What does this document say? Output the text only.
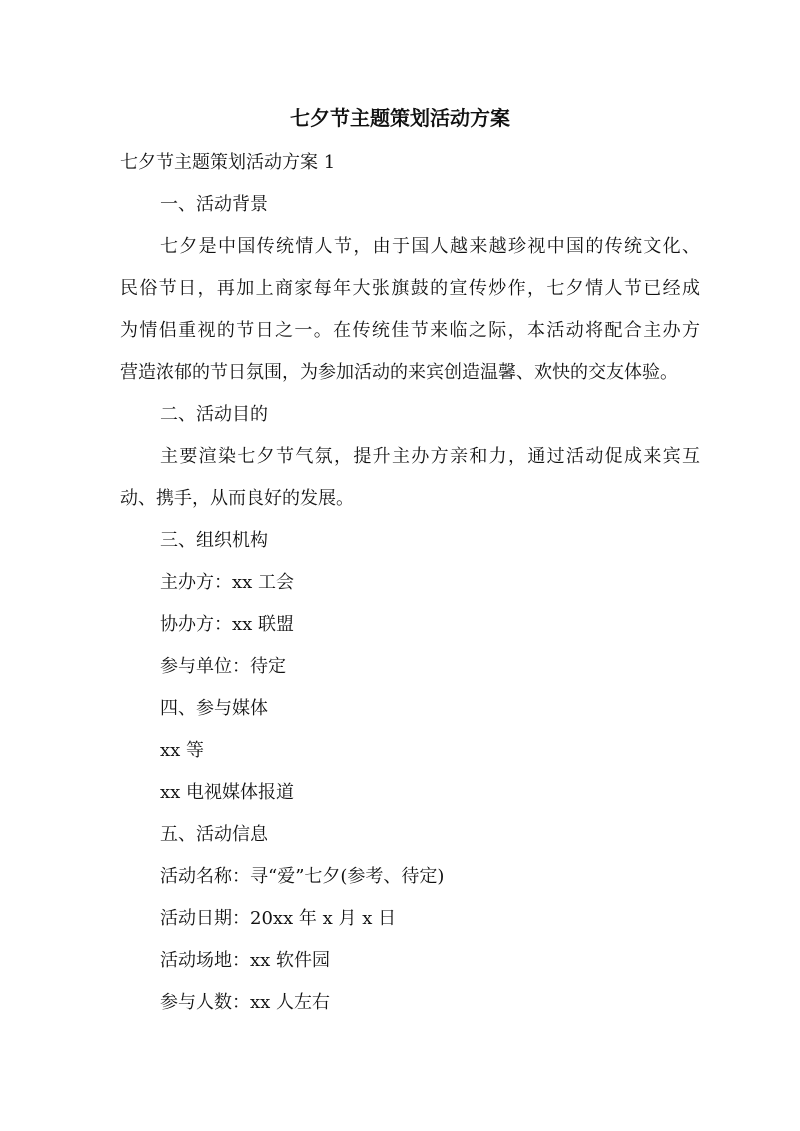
七夕节主题策划活动方案
七夕节主题策划活动方案 1
一、活动背景
七夕是中国传统情人节，由于国人越来越珍视中国的传统文化、
民俗节日，再加上商家每年大张旗鼓的宣传炒作，七夕情人节已经成
为情侣重视的节日之一。在传统佳节来临之际，本活动将配合主办方
营造浓郁的节日氛围，为参加活动的来宾创造温馨、欢快的交友体验。
二、活动目的
主要渲染七夕节气氛，提升主办方亲和力，通过活动促成来宾互
动、携手，从而良好的发展。
三、组织机构
主办方：xx 工会
协办方：xx 联盟
参与单位：待定
四、参与媒体
xx 等
xx 电视媒体报道
五、活动信息
活动名称：寻“爱”七夕(参考、待定)
活动日期：20xx 年 x 月 x 日
活动场地：xx 软件园
参与人数：xx 人左右
